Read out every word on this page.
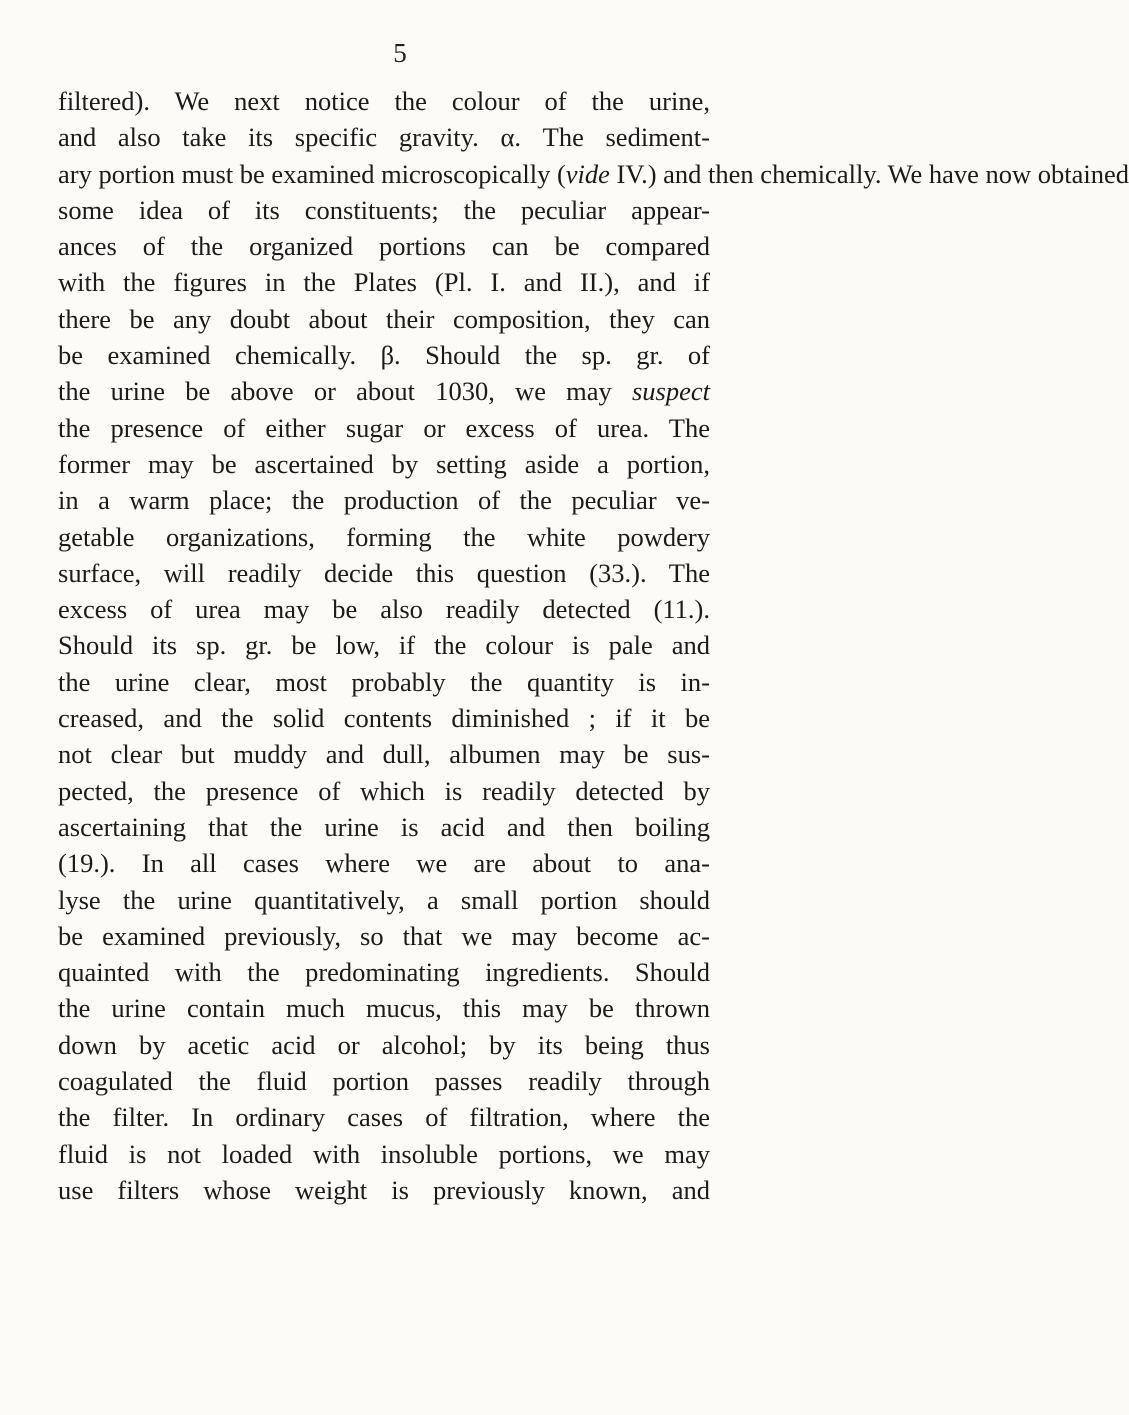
5
filtered). We next notice the colour of the urine,
and also take its specific gravity. α. The sediment-
ary portion must be examined microscopically (vide IV.) and then chemically. We have now obtained
some idea of its constituents; the peculiar appear-
ances of the organized portions can be compared
with the figures in the Plates (Pl. I. and II.), and if
there be any doubt about their composition, they can
be examined chemically. β. Should the sp. gr. of
the urine be above or about 1030, we may suspect
the presence of either sugar or excess of urea. The
former may be ascertained by setting aside a portion,
in a warm place; the production of the peculiar ve-
getable organizations, forming the white powdery
surface, will readily decide this question (33.). The
excess of urea may be also readily detected (11.).
Should its sp. gr. be low, if the colour is pale and
the urine clear, most probably the quantity is in-
creased, and the solid contents diminished ; if it be
not clear but muddy and dull, albumen may be sus-
pected, the presence of which is readily detected by
ascertaining that the urine is acid and then boiling
(19.). In all cases where we are about to ana-
lyse the urine quantitatively, a small portion should
be examined previously, so that we may become ac-
quainted with the predominating ingredients. Should
the urine contain much mucus, this may be thrown
down by acetic acid or alcohol; by its being thus
coagulated the fluid portion passes readily through
the filter. In ordinary cases of filtration, where the
fluid is not loaded with insoluble portions, we may
use filters whose weight is previously known, and
